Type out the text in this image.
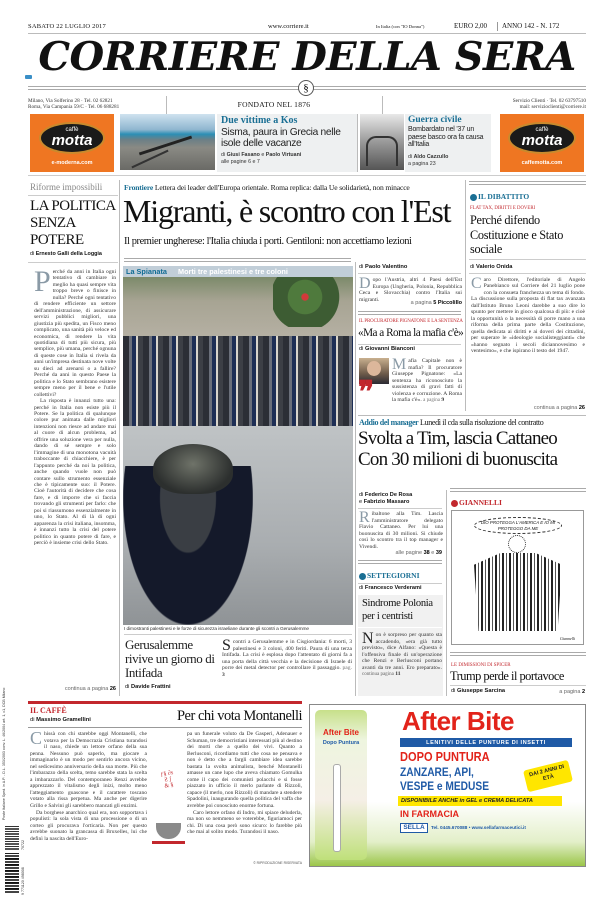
SABATO 22 LUGLIO 2017	www.corriere.it	In Italia (con "IO Donna")	EURO 2,00 ANNO 142 - N. 172
CORRIERE DELLA SERA
§
Milano, Via Solferino 28 · Tel. 02 62821
Roma, Via Campania 59/C · Tel. 06 688281	FONDATO NEL 1876	Servizio Clienti · Tel. 02 63797510
mail: servizioclienti@corriere.it
caffè
motta
e-moderna.com
Due vittime a Kos
Sisma, paura in Grecia nelle isole delle vacanze
di Giusi Fasano e Paolo Virtuani
alle pagine 6 e 7
Guerra civile
Bombardato nel '37 un paese basco ora fa causa all'Italia
di Aldo Cazzullo
a pagina 23
caffè
motta
caffemotta.com
Riforme impossibili
LA POLITICA SENZA POTERE
di Ernesto Galli della Loggia
Perché da anni in Italia ogni tentativo di cambiare in meglio ha quasi sempre vita troppo breve o finisce in nulla? Perché ogni tentativo di rendere efficiente un settore dell'amministrazione, di assicurare servizi pubblici migliori, una giustizia più spedita, un Fisco meno complicato, una sanità più veloce ed economica, di rendere la vita quotidiana di tutti più sicura, più semplice, più umana, perché ognuna di queste cose in Italia si rivela da anni un'impresa destinata nove volte su dieci ad arenarsi o a fallire? Perché da anni in questo Paese la politica e lo Stato sembrano esistere sempre meno per il bene e l'utile collettivi?
La risposta è innanzi tutto una: perché in Italia non esiste più il Potere. Se la politica di qualunque colore pur animata dalle migliori intenzioni non riesce ad andare mai al cuore di alcun problema, ad offrire una soluzione vera per nulla, dando di sé sempre e solo l'immagine di una monotona vacuità traboccante di chiacchiere, è per l'appunto perché da noi la politica, anche quando vuole non può contare sullo strumento essenziale che è tipicamente suo: il Potere. Cioè l'autorità di decidere che cosa fare, e di imporre che si faccia trovando gli strumenti per farlo: che poi si riassumono essenzialmente in uno, lo Stato. Al di là di ogni apparenza la crisi italiana, insomma, è innanzi tutto la crisi del potere politico in quanto potere di fare, e perciò è insieme crisi dello Stato.
continua a pagina 26
Frontiere Lettera dei leader dell'Europa orientale. Roma replica: dalla Ue solidarietà, non minacce
Migranti, è scontro con l'Est
Il premier ungherese: l'Italia chiuda i porti. Gentiloni: non accettiamo lezioni
La Spianata Morti tre palestinesi e tre coloni
I dimostranti palestinesi e le forze di sicurezza israeliane durante gli scontri a Gerusalemme
Gerusalemme rivive un giorno di Intifada
di Davide Frattini
Scontri a Gerusalemme e in Cisgiordania: 6 morti, 3 palestinesi e 3 coloni, 400 feriti. Paura di una terza Intifada. La crisi è esplosa dopo l'attentato di giorni fa a una porta della città vecchia e la decisione di Israele di porre dei metal detector per controllare il passaggio. pag. 3
di Paolo Valentino
Dopo l'Austria, altri 4 Paesi dell'Est Europa (Ungheria, Polonia, Repubblica Ceca e Slovacchia) contro l'Italia sui migranti.
a pagina 5 Piccolillo
IL PROCURATORE PIGNATONE E LA SENTENZA
«Ma a Roma la mafia c'è»
di Giovanni Bianconi
❞
Mafia Capitale non è mafia? Il procuratore Giuseppe Pignatone: «La sentenza ha riconosciuto la sussistenza di gravi fatti di violenza e corruzione. A Roma la mafia c'è». a pagina 9
IL DIBATTITO
FLAT TAX, DIRITTI E DOVERI
Perché difendo Costituzione e Stato sociale
di Valerio Onida
Caro Direttore, l'editoriale di Angelo Panebianco sul Corriere del 21 luglio pone con la consueta franchezza un tema di fondo. La discussione sulla proposta di flat tax avanzata dall'Istituto Bruno Leoni darebbe a suo dire lo spunto per mettere in gioco qualcosa di più: e cioè la opportunità o la necessità di porre mano a una riforma della prima parte della Costituzione, quella dedicata ai diritti e ai doveri dei cittadini, per superare le «ideologie socialisteggianti» che «hanno segnato i secoli diciannovesimo e ventesimo», e che ispirano il testo del 1947.
continua a pagina 26
Addio del manager Lunedì il cda sulla risoluzione del contratto
Svolta a Tim, lascia Cattaneo
Con 30 milioni di buonuscita
di Federico De Rosa
e Fabrizio Massaro
Ribaltone alla Tim. Lascia l'amministratore delegato Flavio Cattaneo. Per lui una buonuscita di 30 milioni. Si chiude così lo scontro tra il top manager e Vivendi.
alle pagine 38 e 39
SETTEGIORNI
di Francesco Verderami
Sindrome Polonia per i centristi
Non è sorpreso per quanto sta accadendo, «era già tutto previsto», dice Alfano: «Questa è l'offensiva finale di un'operazione che Renzi e Berlusconi portano avanti da tre anni. Ero preparato». continua pagina 11
GIANNELLI
DIO PROTEGGA L'AMERICA E IO MI PROTEGGO DA ME
Giannelli
LE DIMISSIONI DI SPICER
Trump perde il portavoce
di Giuseppe Sarcina	a pagina 2
IL CAFFÈ
di Massimo Gramellini	Per chi vota Montanelli
Chissà con chi starebbe oggi Montanelli, che votava per la Democrazia Cristiana turandosi il naso, chiede un lettore orfano della sua penna. Nessuno può saperlo, ma giocare a immaginarlo è un modo per sentirlo ancora vicino, nel sedicesimo anniversario della sua morte. Più che l'imbarazzo della scelta, temo sarebbe stata la scelta a imbarazzarlo. Del contemporaneo Renzi avrebbe apprezzato il vitalismo degli inizi, molto meno l'atteggiamento guascone e il carattere toscano votato alla rissa perpetua. Ma anche per digerire Grillo e Salvini gli sarebbero mancati gli enzimi.
Da borghese anarchico qual era, non sopportava i populisti: la sola vista di una processione o di un corteo gli procurava l'orticaria. Non per questo avrebbe suonato la grancassa di Bruxelles, lui che definì la nascita dell'Euro-
ƒ§ ∂s
Ƨ ʃ
& §
pa un funerale voluto da De Gasperi, Adenauer e Schuman, tre democristiani interessati più al destino dei morti che a quello dei vivi. Quanto a Berlusconi, ricordiamo tutti che cosa ne pensava e non è detto che a fargli cambiare idea sarebbe bastata la svolta animalista, benché Montanelli amasse un cane lupo che aveva chiamato Gomulka come il capo dei comunisti polacchi e si fosse piazzato in ufficio il merlo parlante di Rizzoli, capace (il merlo, non Rizzoli) di mandare a stendere Spadolini, inaugurando quella politica del vaffa che avrebbe poi conosciuto enorme fortuna.
Caro lettore orfano di Indro, mi spiace deluderla, ma non so nemmeno se voterebbe, figuriamoci per chi. Di una cosa però sono sicuro: lo farebbe più che mai al solito modo. Turandosi il naso.
© RIPRODUZIONE RISERVATA
Poste Italiane Sped. in A.P. - D.L. 353/2003 conv. L. 46/2004 art. 1, c1, DCB Milano
70722
9 771120 498008
After Bite
Dopo Puntura
After Bite
LENITIVI DELLE PUNTURE DI INSETTI
DOPO PUNTURA
ZANZARE, API,
VESPE e MEDUSE
DAI 2 ANNI DI ETÀ
DISPONIBILE ANCHE in GEL e CREMA DELICATA
IN FARMACIA
SELLA	Tel. 0445.670088 • www.sellafarmaceutici.it
